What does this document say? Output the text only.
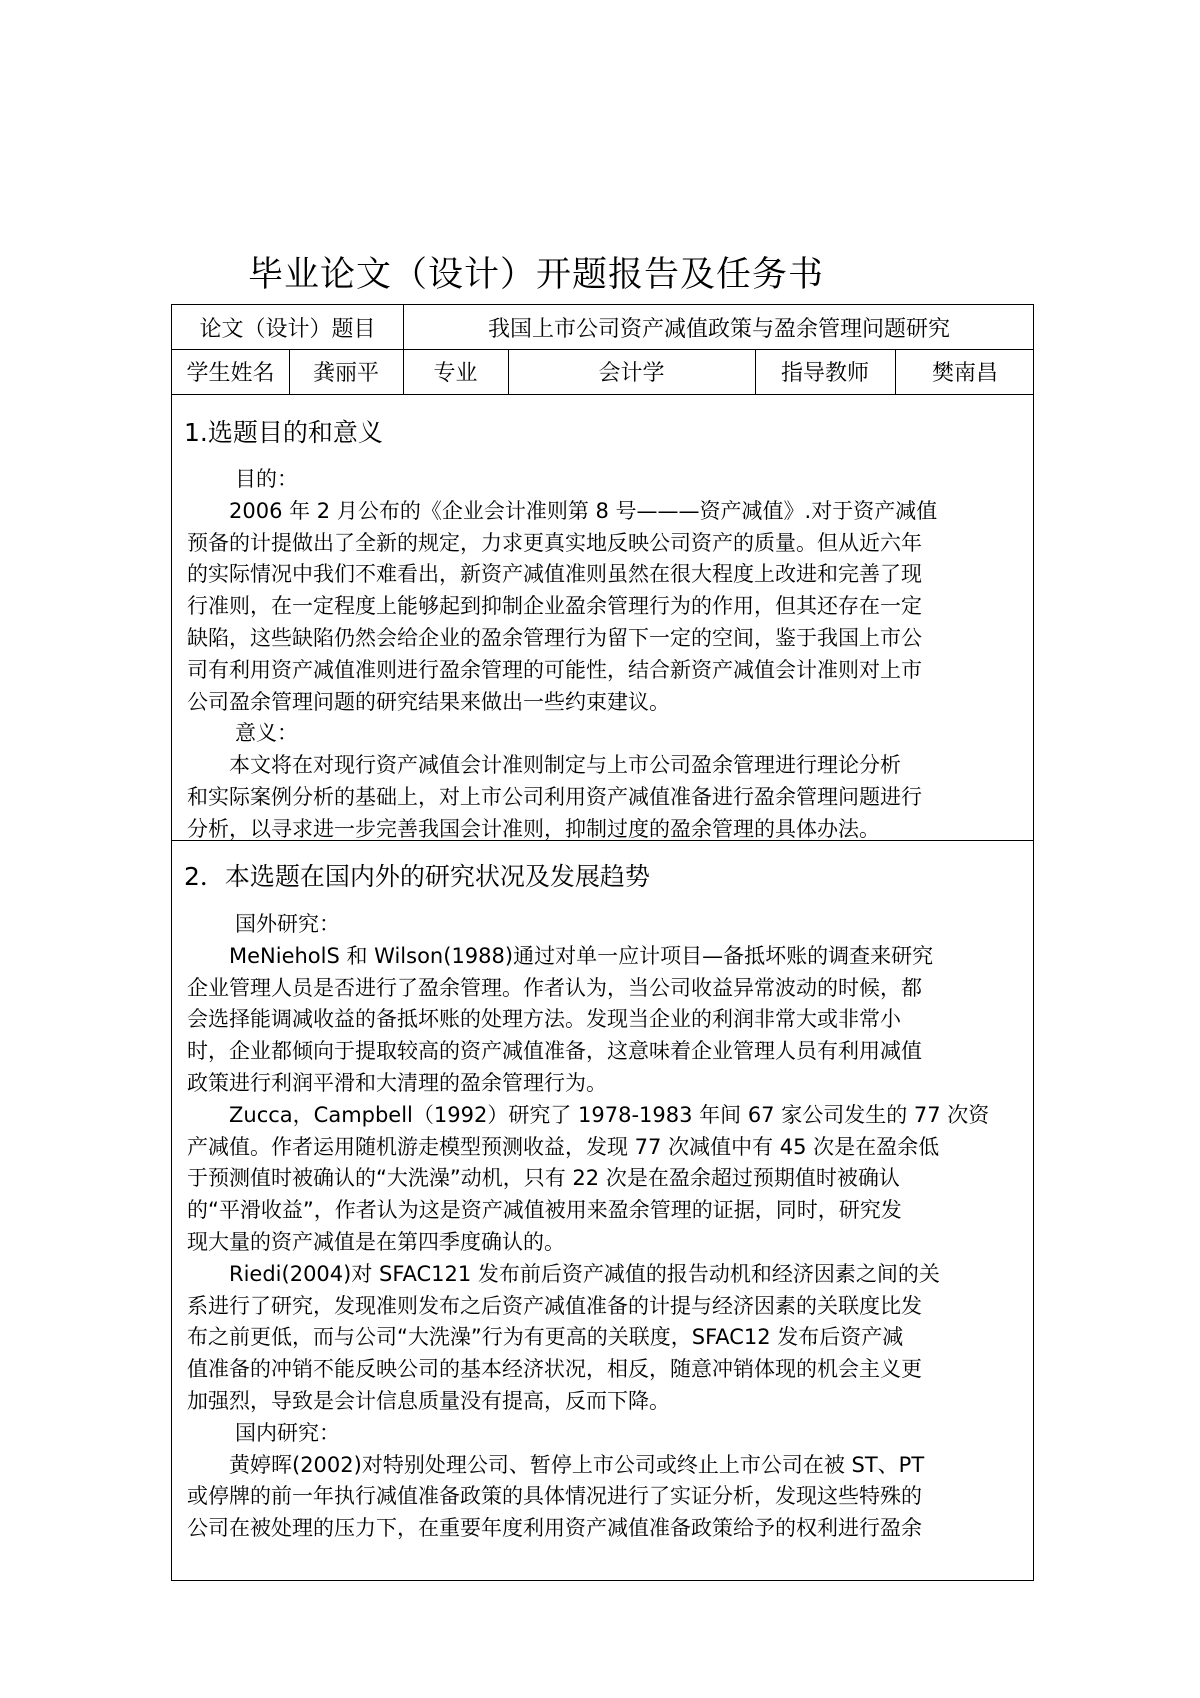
毕业论文（设计）开题报告及任务书
论文（设计）题目	我国上市公司资产减值政策与盈余管理问题研究
学生姓名	龚丽平	专业	会计学	指导教师	樊南昌
1.选题目的和意义

目的：

2006 年 2 月公布的《企业会计准则第 8 号———资产减值》.对于资产减值

预备的计提做出了全新的规定，力求更真实地反映公司资产的质量。但从近六年

的实际情况中我们不难看出，新资产减值准则虽然在很大程度上改进和完善了现

行准则，在一定程度上能够起到抑制企业盈余管理行为的作用，但其还存在一定

缺陷，这些缺陷仍然会给企业的盈余管理行为留下一定的空间，鉴于我国上市公

司有利用资产减值准则进行盈余管理的可能性，结合新资产减值会计准则对上市

公司盈余管理问题的研究结果来做出一些约束建议。

意义：

本文将在对现行资产减值会计准则制定与上市公司盈余管理进行理论分析

和实际案例分析的基础上，对上市公司利用资产减值准备进行盈余管理问题进行

分析，以寻求进一步完善我国会计准则，抑制过度的盈余管理的具体办法。

2．本选题在国内外的研究状况及发展趋势

国外研究：

MeNieholS 和 Wilson(1988)通过对单一应计项目—备抵坏账的调查来研究

企业管理人员是否进行了盈余管理。作者认为，当公司收益异常波动的时候，都

会选择能调减收益的备抵坏账的处理方法。发现当企业的利润非常大或非常小

时，企业都倾向于提取较高的资产减值准备，这意味着企业管理人员有利用减值

政策进行利润平滑和大清理的盈余管理行为。

Zucca，Campbell（1992）研究了 1978-1983 年间 67 家公司发生的 77 次资

产减值。作者运用随机游走模型预测收益，发现 77 次减值中有 45 次是在盈余低

于预测值时被确认的“大洗澡”动机，只有 22 次是在盈余超过预期值时被确认

的“平滑收益”，作者认为这是资产减值被用来盈余管理的证据，同时，研究发

现大量的资产减值是在第四季度确认的。

Riedi(2004)对 SFAC121 发布前后资产减值的报告动机和经济因素之间的关

系进行了研究，发现准则发布之后资产减值准备的计提与经济因素的关联度比发

布之前更低，而与公司“大洗澡”行为有更高的关联度，SFAC12 发布后资产减

值准备的冲销不能反映公司的基本经济状况，相反，随意冲销体现的机会主义更

加强烈，导致是会计信息质量没有提高，反而下降。

国内研究：

黄婷晖(2002)对特别处理公司、暂停上市公司或终止上市公司在被 ST、PT

或停牌的前一年执行减值准备政策的具体情况进行了实证分析，发现这些特殊的

公司在被处理的压力下，在重要年度利用资产减值准备政策给予的权利进行盈余
